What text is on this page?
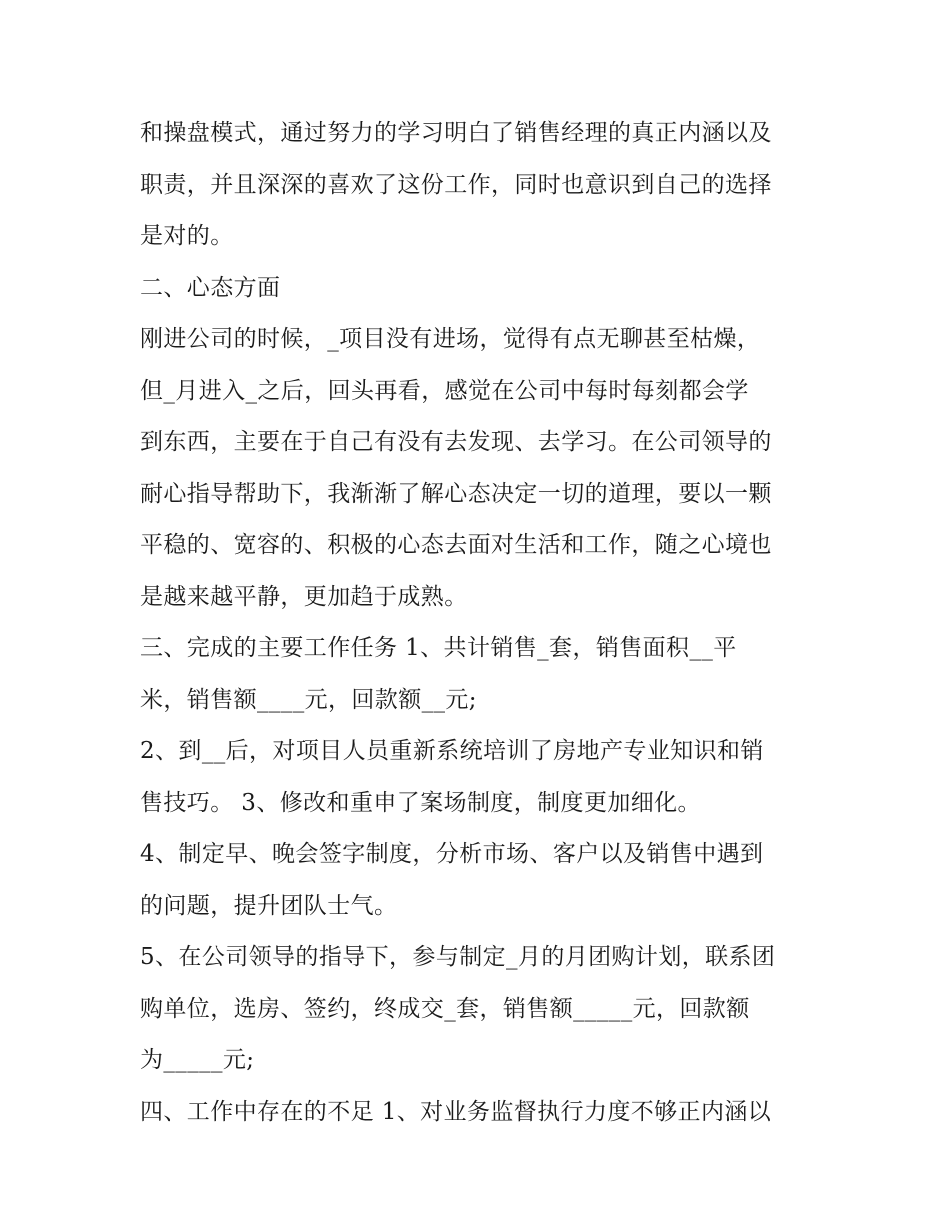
和操盘模式，通过努力的学习明白了销售经理的真正内涵以及
职责，并且深深的喜欢了这份工作，同时也意识到自己的选择
是对的。
二、心态方面
刚进公司的时候，_项目没有进场，觉得有点无聊甚至枯燥，
但_月进入_之后，回头再看，感觉在公司中每时每刻都会学
到东西，主要在于自己有没有去发现、去学习。在公司领导的
耐心指导帮助下，我渐渐了解心态决定一切的道理，要以一颗
平稳的、宽容的、积极的心态去面对生活和工作，随之心境也
是越来越平静，更加趋于成熟。
三、完成的主要工作任务 1、共计销售_套，销售面积__平
米，销售额____元，回款额__元;
2、到__后，对项目人员重新系统培训了房地产专业知识和销
售技巧。 3、修改和重申了案场制度，制度更加细化。
4、制定早、晚会签字制度，分析市场、客户以及销售中遇到
的问题，提升团队士气。
5、在公司领导的指导下，参与制定_月的月团购计划，联系团
购单位，选房、签约，终成交_套，销售额_____元，回款额
为_____元;
四、工作中存在的不足 1、对业务监督执行力度不够正内涵以
